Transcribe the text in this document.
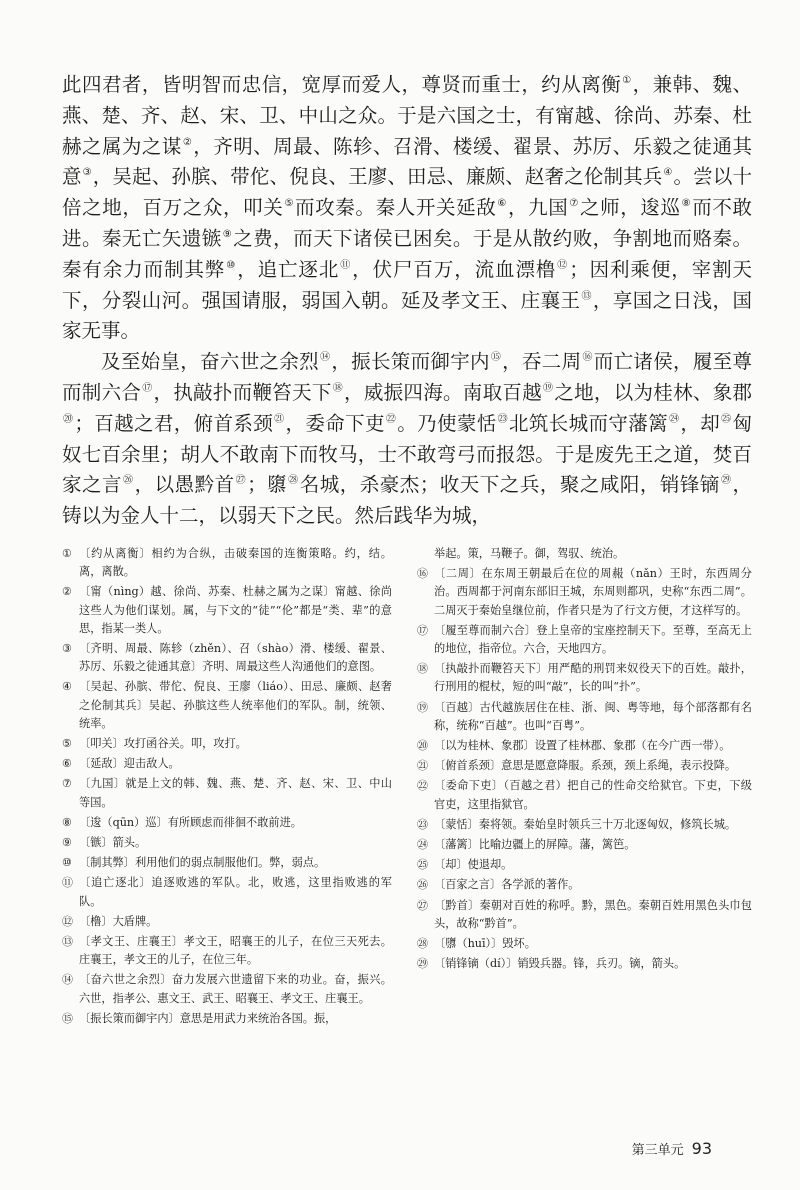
此四君者，皆明智而忠信，宽厚而爱人，尊贤而重士，约从离衡①，兼韩、魏、燕、楚、齐、赵、宋、卫、中山之众。于是六国之士，有甯越、徐尚、苏秦、杜赫之属为之谋②，齐明、周最、陈轸、召滑、楼缓、翟景、苏厉、乐毅之徒通其意③，吴起、孙膑、带佗、倪良、王廖、田忌、廉颇、赵奢之伦制其兵④。尝以十倍之地，百万之众，叩关⑤而攻秦。秦人开关延敌⑥，九国⑦之师，逡巡⑧而不敢进。秦无亡矢遗镞⑨之费，而天下诸侯已困矣。于是从散约败，争割地而赂秦。秦有余力而制其弊⑩，追亡逐北⑪，伏尸百万，流血漂橹⑫；因利乘便，宰割天下，分裂山河。强国请服，弱国入朝。延及孝文王、庄襄王⑬，享国之日浅，国家无事。

及至始皇，奋六世之余烈⑭，振长策而御宇内⑮，吞二周⑯而亡诸侯，履至尊而制六合⑰，执敲扑而鞭笞天下⑱，威振四海。南取百越⑲之地，以为桂林、象郡⑳；百越之君，俯首系颈$^㉑$，委命下吏$^㉒$。乃使蒙恬$^㉓$北筑长城而守藩篱$^㉔$，却$^㉕$匈奴七百余里；胡人不敢南下而牧马，士不敢弯弓而报怨。于是废先王之道，焚百家之言$^㉖$，以愚黔首$^㉗$；隳$^㉘$名城，杀豪杰；收天下之兵，聚之咸阳，销锋镝$^㉙$，铸以为金人十二，以弱天下之民。然后践华为城，

① 〔约从离衡〕相约为合纵，击破秦国的连衡策略。约，结。离，离散。
② 〔甯（nìng）越、徐尚、苏秦、杜赫之属为之谋〕甯越、徐尚这些人为他们谋划。属，与下文的“徒”“伦”都是“类、辈”的意思，指某一类人。
③ 〔齐明、周最、陈轸（zhěn）、召（shào）滑、楼缓、翟景、苏厉、乐毅之徒通其意〕齐明、周最这些人沟通他们的意图。
④ 〔吴起、孙膑、带佗、倪良、王廖（liáo）、田忌、廉颇、赵奢之伦制其兵〕吴起、孙膑这些人统率他们的军队。制，统领、统率。
⑤ 〔叩关〕攻打函谷关。叩，攻打。
⑥ 〔延敌〕迎击敌人。
⑦ 〔九国〕就是上文的韩、魏、燕、楚、齐、赵、宋、卫、中山等国。
⑧ 〔逡（qūn）巡〕有所顾虑而徘徊不敢前进。
⑨ 〔镞〕箭头。
⑩ 〔制其弊〕利用他们的弱点制服他们。弊，弱点。
⑪ 〔追亡逐北〕追逐败逃的军队。北，败逃，这里指败逃的军队。
⑫ 〔橹〕大盾牌。
⑬ 〔孝文王、庄襄王〕孝文王，昭襄王的儿子，在位三天死去。庄襄王，孝文王的儿子，在位三年。
⑭ 〔奋六世之余烈〕奋力发展六世遗留下来的功业。奋，振兴。六世，指孝公、惠文王、武王、昭襄王、孝文王、庄襄王。
⑮ 〔振长策而御宇内〕意思是用武力来统治各国。振，
举起。策，马鞭子。御，驾驭、统治。
⑯ 〔二周〕在东周王朝最后在位的周赧（nǎn）王时，东西周分治。西周都于河南东部旧王城，东周则都巩，史称“东西二周”。二周灭于秦始皇继位前，作者只是为了行文方便，才这样写的。
⑰ 〔履至尊而制六合〕登上皇帝的宝座控制天下。至尊，至高无上的地位，指帝位。六合，天地四方。
⑱ 〔执敲扑而鞭笞天下〕用严酷的刑罚来奴役天下的百姓。敲扑，行刑用的棍杖，短的叫“敲”，长的叫“扑”。
⑲ 〔百越〕古代越族居住在桂、浙、闽、粤等地，每个部落都有名称，统称“百越”。也叫“百粤”。
⑳ 〔以为桂林、象郡〕设置了桂林郡、象郡（在今广西一带）。
㉑ 〔俯首系颈〕意思是愿意降服。系颈，颈上系绳，表示投降。
㉒ 〔委命下吏〕（百越之君）把自己的性命交给狱官。下吏，下级官吏，这里指狱官。
㉓ 〔蒙恬〕秦将领。秦始皇时领兵三十万北逐匈奴，修筑长城。
㉔ 〔藩篱〕比喻边疆上的屏障。藩，篱笆。
㉕ 〔却〕使退却。
㉖ 〔百家之言〕各学派的著作。
㉗ 〔黔首〕秦朝对百姓的称呼。黔，黑色。秦朝百姓用黑色头巾包头，故称“黔首”。
㉘ 〔隳（huī）〕毁坏。
㉙ 〔销锋镝（dí）〕销毁兵器。锋，兵刃。镝，箭头。
第三单元 93
